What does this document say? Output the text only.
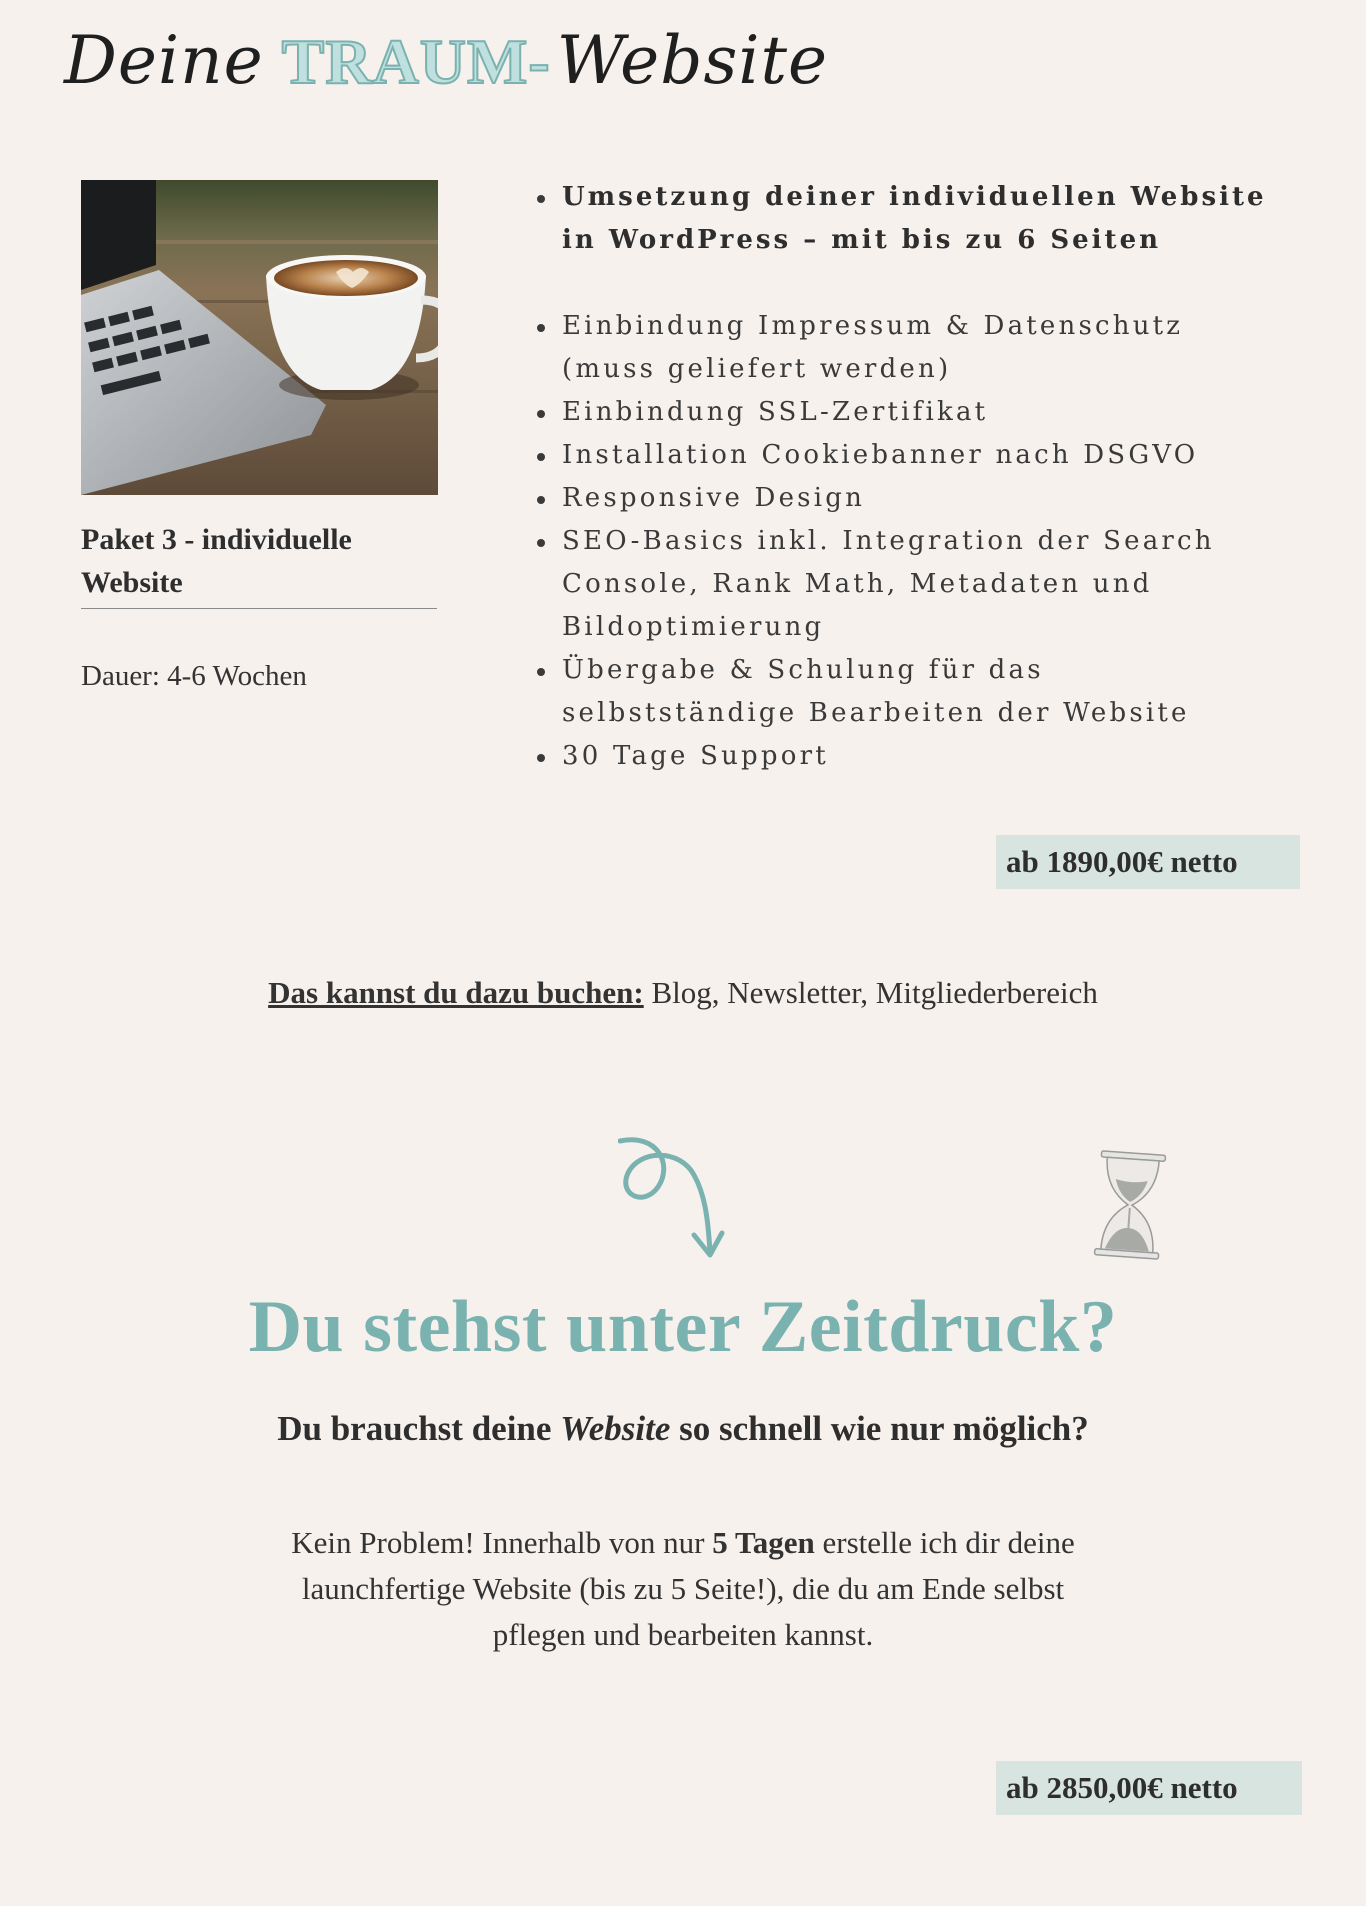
Deine TRAUM- Website
Paket 3 - individuelle Website
Dauer: 4-6 Wochen
Umsetzung deiner individuellen Website in WordPress – mit bis zu 6 Seiten
Einbindung Impressum & Datenschutz (muss geliefert werden)
Einbindung SSL-Zertifikat
Installation Cookiebanner nach DSGVO
Responsive Design
SEO-Basics inkl. Integration der Search Console, Rank Math, Metadaten und Bildoptimierung
Übergabe & Schulung für das selbstständige Bearbeiten der Website
30 Tage Support
ab 1890,00€ netto
Das kannst du dazu buchen: Blog, Newsletter, Mitgliederbereich
Du stehst unter Zeitdruck?
Du brauchst deine Website so schnell wie nur möglich?
Kein Problem! Innerhalb von nur 5 Tagen erstelle ich dir deine launchfertige Website (bis zu 5 Seite!), die du am Ende selbst pflegen und bearbeiten kannst.
ab 2850,00€ netto
